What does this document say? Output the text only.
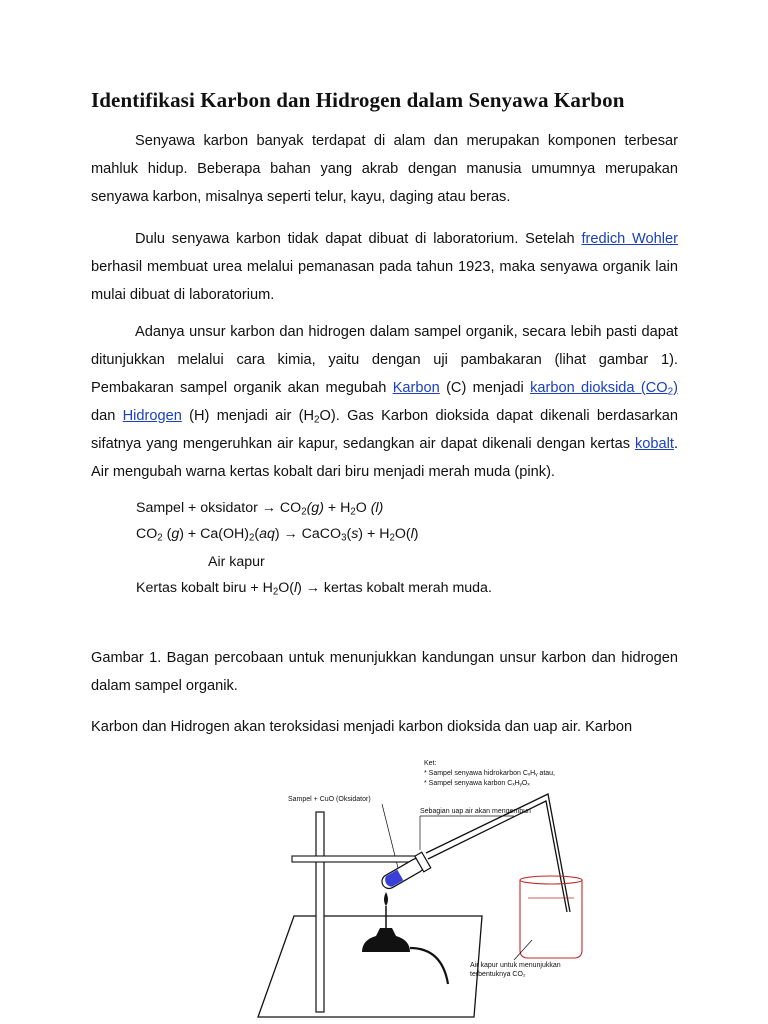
Identifikasi Karbon dan Hidrogen dalam Senyawa Karbon

Senyawa karbon banyak terdapat di alam dan merupakan komponen terbesar mahluk hidup. Beberapa bahan yang akrab dengan manusia umumnya merupakan senyawa karbon, misalnya seperti telur, kayu, daging atau beras.

Dulu senyawa karbon tidak dapat dibuat di laboratorium. Setelah fredich Wohler berhasil membuat urea melalui pemanasan pada tahun 1923, maka senyawa organik lain mulai dibuat di laboratorium.

Adanya unsur karbon dan hidrogen dalam sampel organik, secara lebih pasti dapat ditunjukkan melalui cara kimia, yaitu dengan uji pambakaran (lihat gambar 1). Pembakaran sampel organik akan megubah Karbon (C) menjadi karbon dioksida $(CO_2)$ dan Hidrogen (H) menjadi air $(H_2O)$. Gas Karbon dioksida dapat dikenali berdasarkan sifatnya yang mengeruhkan air kapur, sedangkan air dapat dikenali dengan kertas kobalt. Air mengubah warna kertas kobalt dari biru menjadi merah muda (pink).

Sampel + oksidator → $CO_2(g) + H_2O$ (l)
$CO_2$ $(g) + Ca(OH)_2(aq)$ → CaCO$_3$(s) + $H_2O(l)$
Air kapur
Kertas kobalt biru + $H_2O(l)$ → kertas kobalt merah muda.

Gambar 1. Bagan percobaan untuk menunjukkan kandungan unsur karbon dan hidrogen dalam sampel organik.

Karbon dan Hidrogen akan teroksidasi menjadi karbon dioksida dan uap air. Karbon

Ket:
* Sampel senyawa hidrokarbon CₓHᵧ atau,
* Sampel senyawa karbon CₓHᵧOₓ
Sampel + CuO (Oksidator)
Sebagian uap air akan mengembun
Air kapur untuk menunjukkan
terbentuknya CO₂
